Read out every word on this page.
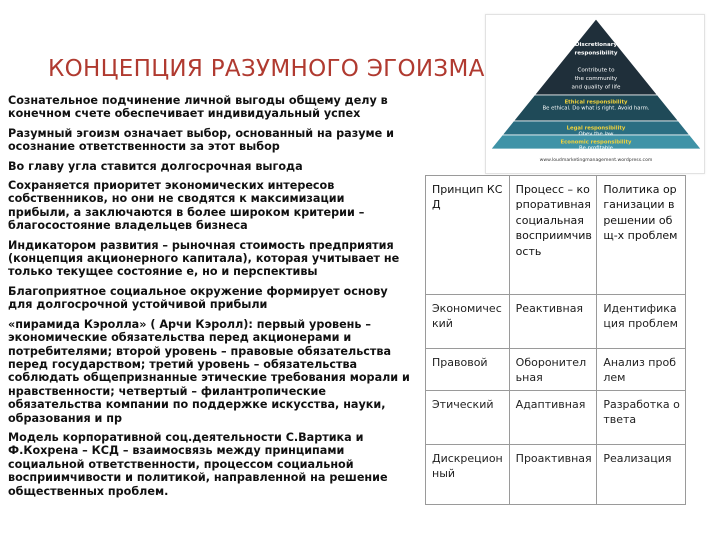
КОНЦЕПЦИЯ РАЗУМНОГО ЭГОИЗМА
Discretionary
responsibility
Contribute to
the community
and quality of life
Ethical responsibility
Be ethical. Do what is right. Avoid harm.
Legal responsibility
Economic responsibility
Be profitable
www.loudmarketingmanagement.wordpress.com

Сознательное подчинение личной выгоды общему делу в конечном счете обеспечивает индивидуальный успех

Разумный эгоизм означает выбор, основанный на разуме и осознание ответственности за этот выбор

Во главу угла ставится долгосрочная выгода

Сохраняется приоритет экономических интересов собственников, но они не сводятся к максимизации прибыли, а заключаются в более широком критерии – благосостояние владельцев бизнеса

Индикатором развития – рыночная стоимость предприятия (концепция акционерного капитала), которая учитывает не только текущее состояние е, но и перспективы

Благоприятное социальное окружение формирует основу для долгосрочной устойчивой прибыли

«пирамида Кэролла» ( Арчи Кэролл): первый уровень – экономические обязательства перед акционерами и потребителями; второй уровень – правовые обязательства перед государством; третий уровень – обязательства соблюдать общепризнанные этические требования морали и нравственности; четвертый – филантропические обязательства компании по поддержке искусства, науки, образования и пр

Модель корпоративной соц.деятельности С.Вартика и Ф.Кохрена – КСД – взаимосвязь между принципами социальной ответственности, процессом социальной восприимчивости и политикой, направленной на решение общественных проблем.

Принцип КСД	Процесс – корпоративная социальная восприимчивость	Политика организации в решении общ-х проблем
Экономический	Реактивная	Идентификация проблем
Правовой	Оборонительная	Анализ проблем
Этический	Адаптивная	Разработка ответа
Дискреционный	Проактивная	Реализация
